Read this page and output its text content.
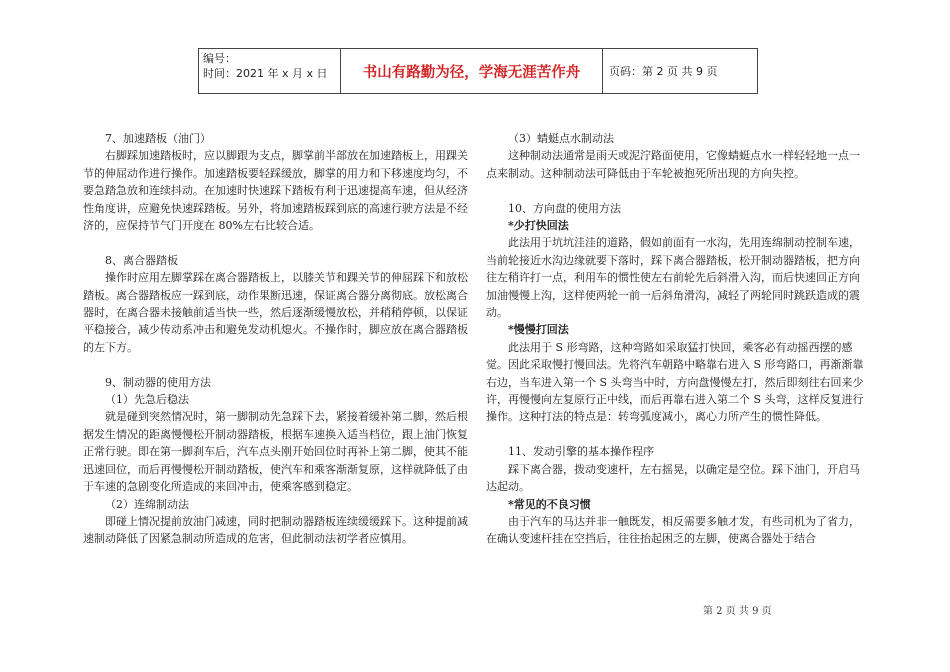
编号：
时间：2021 年 x 月 x 日	书山有路勤为径，学海无涯苦作舟	页码：第 2 页 共 9 页

7、加速踏板（油门）

右脚踩加速踏板时，应以脚跟为支点，脚掌前半部放在加速踏板上，用踝关节的伸屈动作进行操作。加速踏板要轻踩缓放，脚掌的用力和下移速度均匀，不要急踏急放和连续抖动。在加速时快速踩下踏板有利于迅速提高车速，但从经济性角度讲，应避免快速踩踏板。另外，将加速踏板踩到底的高速行驶方法是不经济的，应保持节气门开度在 80%左右比较合适。

8、离合器踏板

操作时应用左脚掌踩在离合器踏板上，以膝关节和踝关节的伸屈踩下和放松踏板。离合器踏板应一踩到底，动作果断迅速，保证离合器分离彻底。放松离合器时，在离合器未接触前适当快一些，然后逐渐缓慢放松，并稍稍停顿，以保证平稳接合，减少传动系冲击和避免发动机熄火。不操作时，脚应放在离合器踏板的左下方。

9、制动器的使用方法

（1）先急后稳法

就是碰到突然情况时，第一脚制动先急踩下去，紧接着缓补第二脚，然后根据发生情况的距离慢慢松开制动器踏板，根据车速换入适当档位，跟上油门恢复正常行驶。即在第一脚刹车后，汽车点头刚开始回位时再补上第二脚，使其不能迅速回位，而后再慢慢松开制动踏板，使汽车和乘客渐渐复原，这样就降低了由于车速的急剧变化所造成的来回冲击，使乘客感到稳定。

（2）连绵制动法

即碰上情况提前放油门减速，同时把制动器踏板连续缓缓踩下。这种提前减速制动降低了因紧急制动所造成的危害，但此制动法初学者应慎用。

（3）蜻蜓点水制动法

这种制动法通常是雨天或泥泞路面使用，它像蜻蜓点水一样轻轻地一点一点来制动。这种制动法可降低由于车轮被抱死所出现的方向失控。

10、方向盘的使用方法

*少打快回法

此法用于坑坑洼洼的道路，假如前面有一水沟，先用连绵制动控制车速，当前轮接近水沟边缘就要下落时，踩下离合器踏板，松开制动器踏板，把方向往左稍许打一点，利用车的惯性使左右前轮先后斜滑入沟，而后快速回正方向加油慢慢上沟，这样使两轮一前一后斜角滑沟，减轻了两轮同时跳跃造成的震动。

*慢慢打回法

此法用于 S 形弯路，这种弯路如采取猛打快回，乘客必有动摇西摆的感觉。因此采取慢打慢回法。先将汽车朝路中略靠右进入 S 形弯路口，再渐渐靠右边，当车进入第一个 S 头弯当中时，方向盘慢慢左打，然后即刻往右回来少许，再慢慢向左复原行正中线，而后再靠右进入第二个 S 头弯，这样反复进行操作。这种打法的特点是：转弯弧度减小，离心力所产生的惯性降低。

11、发动引擎的基本操作程序

踩下离合器，拨动变速杆，左右摇晃，以确定是空位。踩下油门，开启马达起动。

*常见的不良习惯

由于汽车的马达并非一触既发，相反需要多触才发，有些司机为了省力，在确认变速杆挂在空挡后，往往抬起困乏的左脚，使离合器处于结合

第 2 页 共 9 页
